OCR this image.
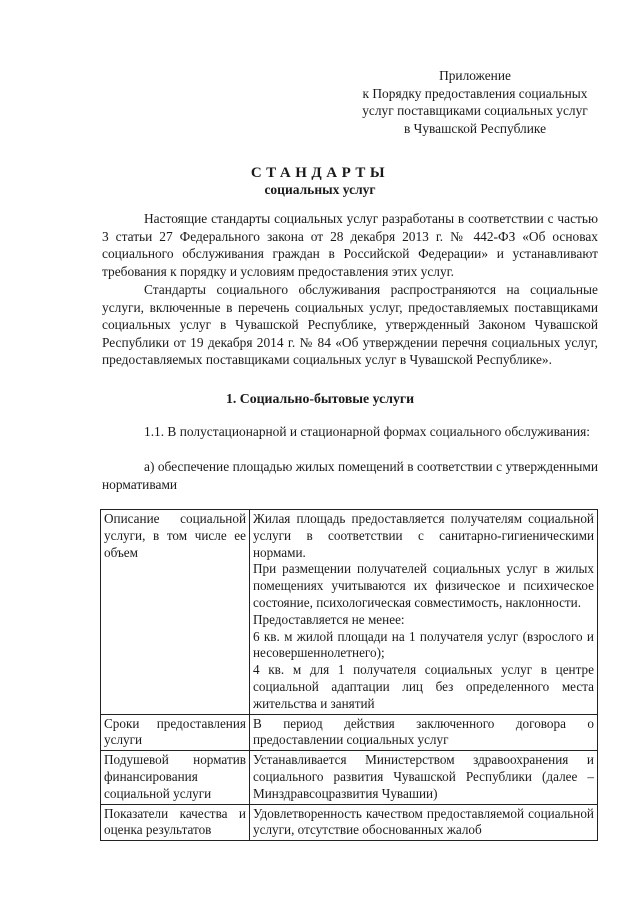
Приложение
к Порядку предоставления социальных
услуг поставщиками социальных услуг
в Чувашской Республике
СТАНДАРТЫ
социальных услуг

Настоящие стандарты социальных услуг разработаны в соответствии с частью 3 статьи 27 Федерального закона от 28 декабря 2013 г. № 442-ФЗ «Об основах социального обслуживания граждан в Российской Федерации» и устанавливают требования к порядку и условиям предоставления этих услуг.

Стандарты социального обслуживания распространяются на социальные услуги, включенные в перечень социальных услуг, предоставляемых поставщиками социальных услуг в Чувашской Республике, утвержденный Законом Чувашской Республики от 19 декабря 2014 г. № 84 «Об утверждении перечня социальных услуг, предоставляемых поставщиками социальных услуг в Чувашской Республике».

1. Социально-бытовые услуги

1.1. В полустационарной и стационарной формах социального обслуживания:

а) обеспечение площадью жилых помещений в соответствии с утвержденными нормативами

Описание социальной услуги, в том числе ее объем	Жилая площадь предоставляется получателям социальной услуги в соответствии с санитарно-гигиеническими нормами.
При размещении получателей социальных услуг в жилых помещениях учитываются их физическое и психическое состояние, психологическая совместимость, наклонности.
Предоставляется не менее:
6 кв. м жилой площади на 1 получателя услуг (взрослого и несовершеннолетнего);
4 кв. м для 1 получателя социальных услуг в центре социальной адаптации лиц без определенного места жительства и занятий

Сроки предоставления услуги	В период действия заключенного договора о предоставлении социальных услуг

Подушевой норматив финансирования социальной услуги	Устанавливается Министерством здравоохранения и социального развития Чувашской Республики (далее – Минздравсоцразвития Чувашии)

Показатели качества и оценка результатов	Удовлетворенность качеством предоставляемой социальной услуги, отсутствие обоснованных жалоб
